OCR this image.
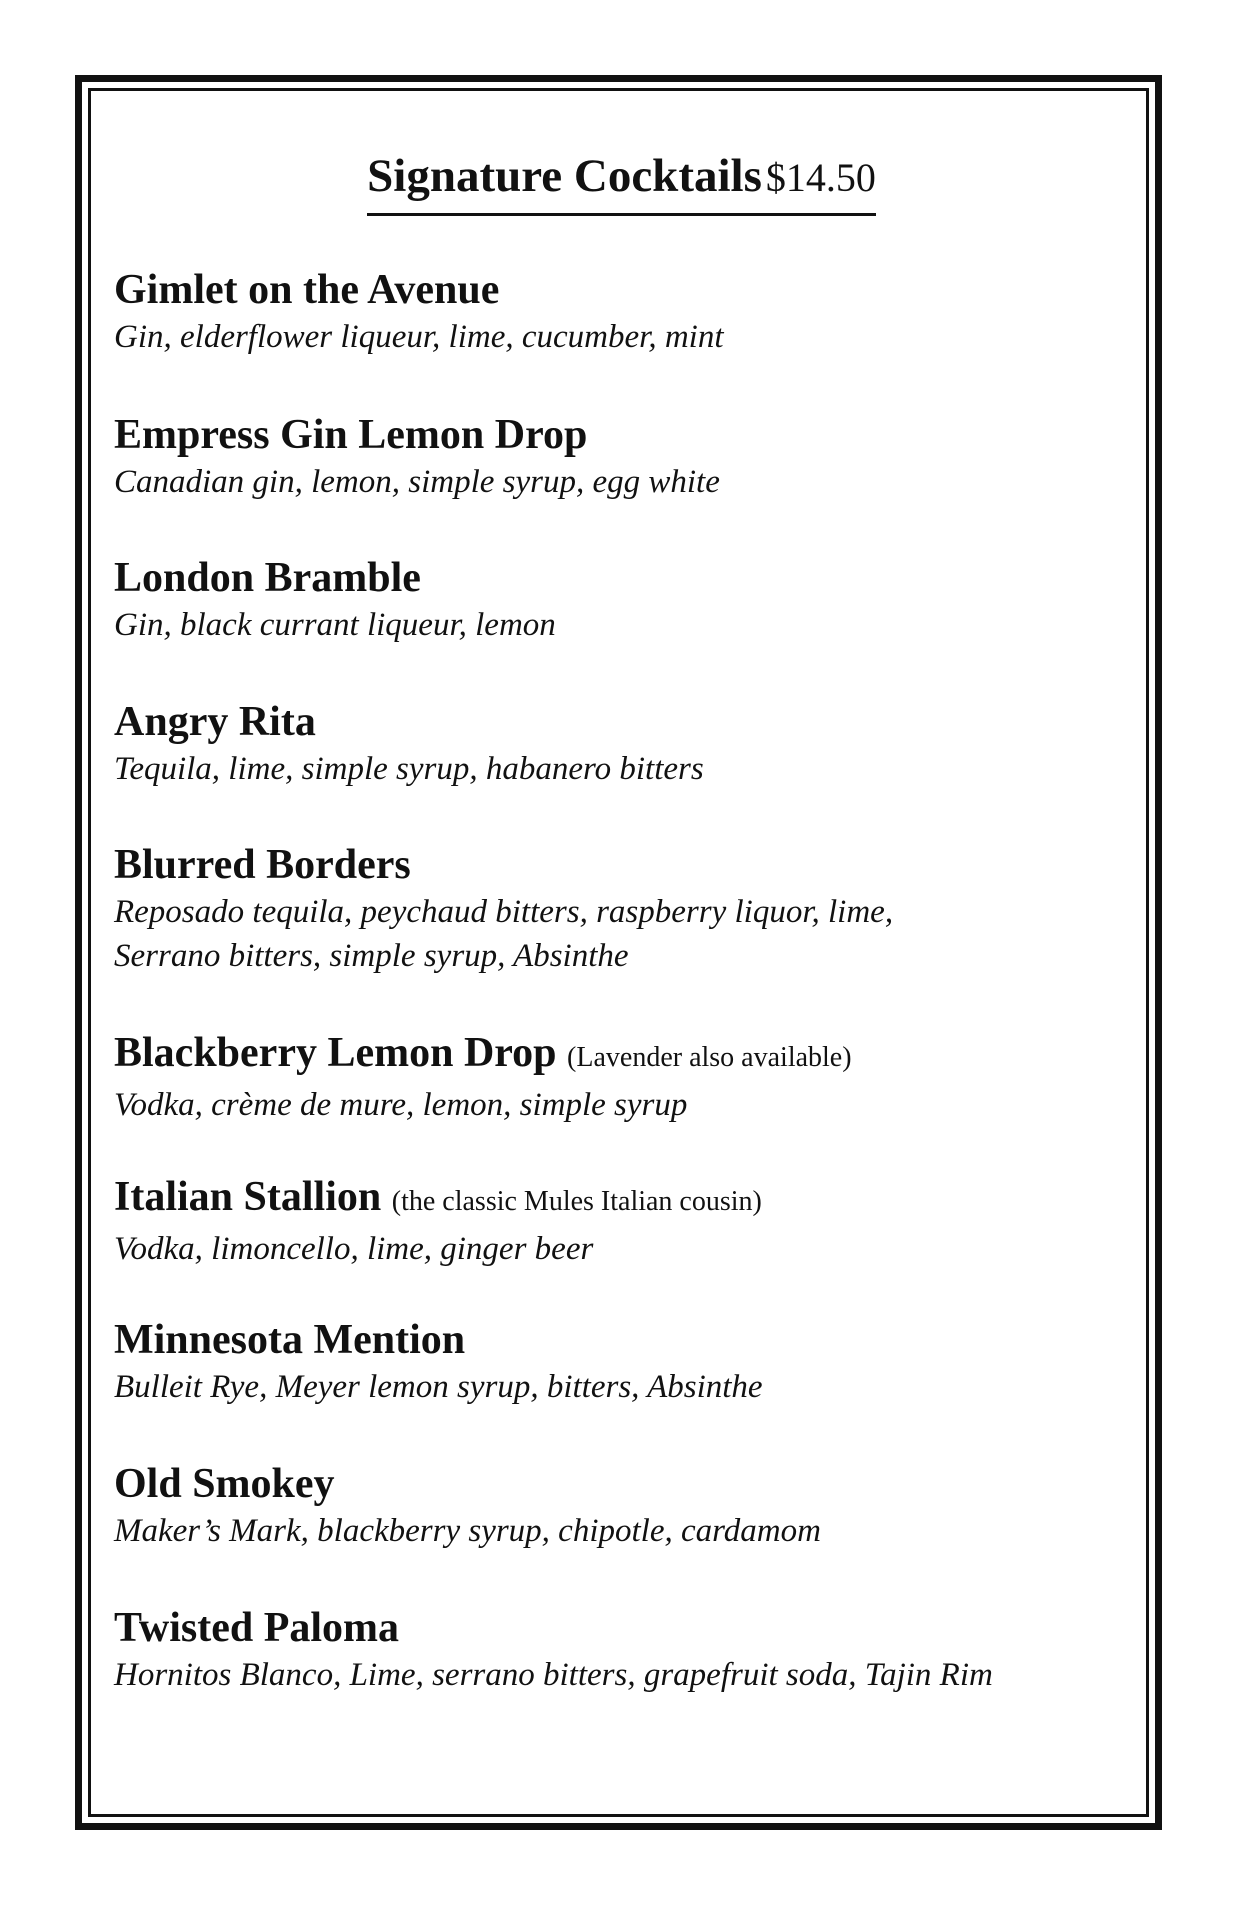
Signature Cocktails $14.50
Gimlet on the Avenue
Gin, elderflower liqueur, lime, cucumber, mint
Empress Gin Lemon Drop
Canadian gin, lemon, simple syrup, egg white
London Bramble
Gin, black currant liqueur, lemon
Angry Rita
Tequila, lime, simple syrup, habanero bitters
Blurred Borders
Reposado tequila, peychaud bitters, raspberry liquor, lime,
Serrano bitters, simple syrup, Absinthe
Blackberry Lemon Drop (Lavender also available)
Vodka, crème de mure, lemon, simple syrup
Italian Stallion (the classic Mules Italian cousin)
Vodka, limoncello, lime, ginger beer
Minnesota Mention
Bulleit Rye, Meyer lemon syrup, bitters, Absinthe
Old Smokey
Maker’s Mark, blackberry syrup, chipotle, cardamom
Twisted Paloma
Hornitos Blanco, Lime, serrano bitters, grapefruit soda, Tajin Rim
